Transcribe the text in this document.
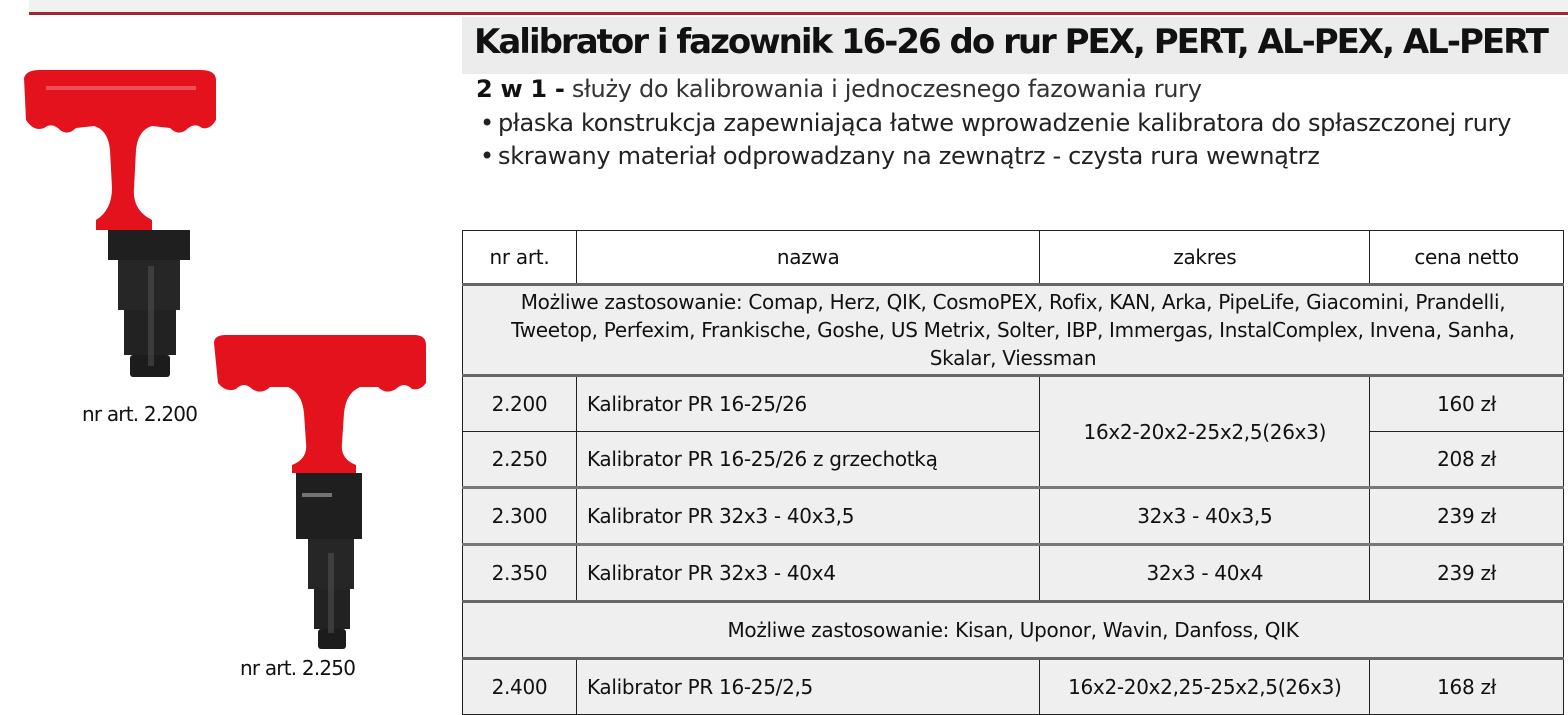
nr art. 2.200
nr art. 2.250
Kalibrator i fazownik 16-26 do rur PEX, PERT, AL-PEX, AL-PERT
2 w 1 - służy do kalibrowania i jednoczesnego fazowania rury
• płaska konstrukcja zapewniająca łatwe wprowadzenie kalibratora do spłaszczonej rury
• skrawany materiał odprowadzany na zewnątrz - czysta rura wewnątrz
nr art.	nazwa	zakres	cena netto
Możliwe zastosowanie: Comap, Herz, QIK, CosmoPEX, Rofix, KAN, Arka, PipeLife, Giacomini, Prandelli, Tweetop, Perfexim, Frankische, Goshe, US Metrix, Solter, IBP, Immergas, InstalComplex, Invena, Sanha, Skalar, Viessman			
2.200	Kalibrator PR 16-25/26	16x2-20x2-25x2,5(26x3)	160 zł
2.250	Kalibrator PR 16-25/26 z grzechotką		208 zł
2.300	Kalibrator PR 32x3 - 40x3,5	32x3 - 40x3,5	239 zł
2.350	Kalibrator PR 32x3 - 40x4	32x3 - 40x4	239 zł
Możliwe zastosowanie: Kisan, Uponor, Wavin, Danfoss, QIK			
2.400	Kalibrator PR 16-25/2,5	16x2-20x2,25-25x2,5(26x3)	168 zł
